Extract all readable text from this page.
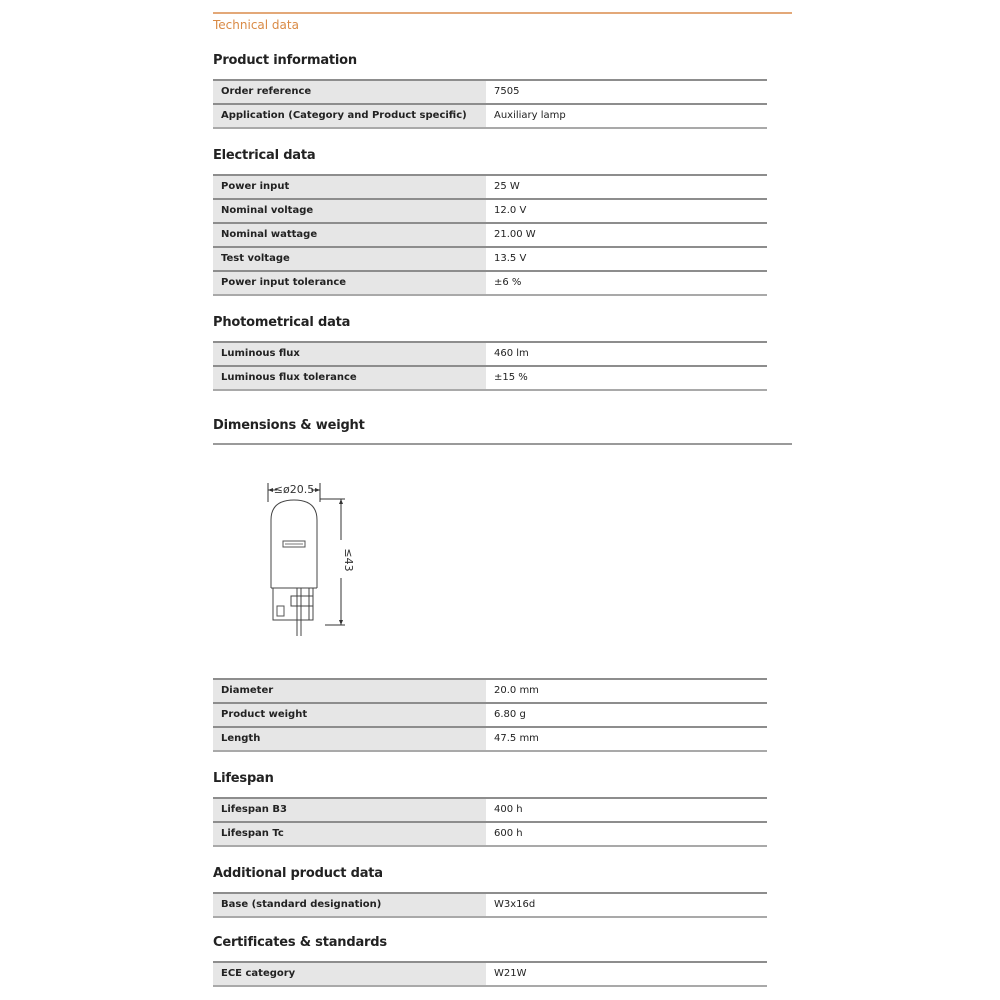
Technical data
Product information
Order reference	7505
Application (Category and Product specific)	Auxiliary lamp
Electrical data
Power input	25 W
Nominal voltage	12.0 V
Nominal wattage	21.00 W
Test voltage	13.5 V
Power input tolerance	±6 %
Photometrical data
Luminous flux	460 lm
Luminous flux tolerance	±15 %
Dimensions & weight
≤ø20.5
≤43
Diameter	20.0 mm
Product weight	6.80 g
Length	47.5 mm
Lifespan
Lifespan B3	400 h
Lifespan Tc	600 h
Additional product data
Base (standard designation)	W3x16d
Certificates & standards
ECE category	W21W
